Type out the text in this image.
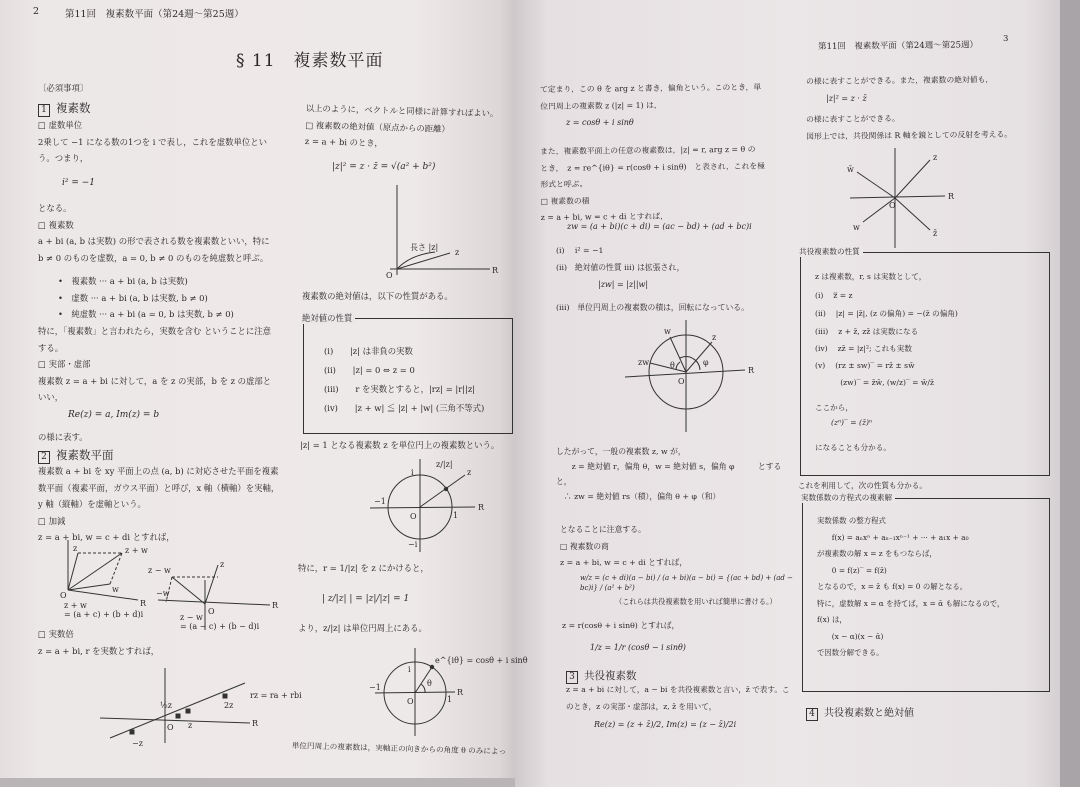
2	第11回　複素数平面（第24週〜第25週）
§ 11　複素数平面
〔必須事項〕
1 複素数
□ 虚数単位
2乗して −1 になる数の1つを i で表し，これを虚数単位とい
う。つまり，
i² = −1
となる。
□ 複素数
a + bi (a, b は実数) の形で表される数を複素数といい，特に
b ≠ 0 のものを虚数，a = 0, b ≠ 0 のものを純虚数と呼ぶ。
•　複素数 ··· a + bi (a, b は実数)
•　虚数 ··· a + bi (a, b は実数, b ≠ 0)
•　純虚数 ··· a + bi (a = 0, b は実数, b ≠ 0)
特に，「複素数」と言われたら，実数を含む ということに注意
する。
□ 実部・虚部
複素数 z = a + bi に対して，a を z の実部，b を z の虚部と
いい，
Re(z) = a, Im(z) = b
の様に表す。
2 複素数平面
複素数 a + bi を xy 平面上の点 (a, b) に対応させた平面を複素
数平面（複素平面，ガウス平面）と呼び，x 軸（横軸）を実軸，
y 軸（縦軸）を虚軸という。
□ 加減
z = a + bi, w = c + di とすれば，
O
R
z
w
z + w
z + w
= (a + c) + (b + d)i
z − w
z
−w
O
R
z − w
= (a − c) + (b − d)i
□ 実数倍
z = a + bi, r を実数とすれば，
½z
z
2z
rz = ra + rbi
−z
O	R
以上のように，ベクトルと同様に計算すればよい。
□ 複素数の絶対値（原点からの距離）
z = a + bi のとき，
|z|² = z · z̄ = √(a² + b²)
長さ |z|
z
O
R
複素数の絶対値は，以下の性質がある。
絶対値の性質
(i)　　|z| は非負の実数
(ii)　　|z| = 0 ⇔ z = 0
(iii)　　r を実数とすると，|rz| = |r||z|
(iv)　　|z + w| ≦ |z| + |w| (三角不等式)
|z| = 1 となる複素数 z を単位円上の複素数という。
i
−i
1
−1
z
z/|z|
O
R
特に，r = 1/|z| を z にかけると，
| z/|z| | = |z|/|z| = 1
より，z/|z| は単位円周上にある。
e^{iθ} = cosθ + i sinθ
θ
O
R
i
−1
1
単位円周上の複素数は，実軸正の向きからの角度 θ のみによっ
第11回　複素数平面（第24週〜第25週）
3
て定まり，この θ を arg z と書き，偏角という。このとき，単
位円周上の複素数 z (|z| = 1) は，
z = cosθ + i sinθ
また，複素数平面上の任意の複素数は，|z| = r, arg z = θ の
とき，　z = re^{iθ} = r(cosθ + i sinθ)　と表され，これを極
形式と呼ぶ。
□ 複素数の積
z = a + bi, w = c + di とすれば，
zw = (a + bi)(c + di) = (ac − bd) + (ad + bc)i
(i)　 i² = −1
(ii)　絶対値の性質 iii) は拡張され，
|zw| = |z||w|
(iii)　単位円周上の複素数の積は，回転になっている。
w
z
zw	θ	φ
O
R
したがって，一般の複素数 z, w が，
　　z = 絶対値 r，偏角 θ，w = 絶対値 s，偏角 φ　　　とする
と，
　∴ zw = 絶対値 rs（積），偏角 θ + φ（和）
となることに注意する。
□ 複素数の商
z = a + bi, w = c + di とすれば，
w/z = (c + di)(a − bi) / (a + bi)(a − bi) = {(ac + bd) + (ad − bc)i} / (a² + b²)
（これらは共役複素数を用いれば簡単に書ける。）
z = r(cosθ + i sinθ) とすれば，
1/z = 1/r (cosθ − i sinθ)
3 共役複素数
z = a + bi に対して，a − bi を共役複素数と言い，z̄ で表す。こ
のとき，z の実部・虚部は，z, z̄ を用いて，
Re(z) = (z + z̄)/2, Im(z) = (z − z̄)/2i
の様に表すことができる。また，複素数の絶対値も，
|z|² = z · z̄
の様に表すことができる。
図形上では，共役関係は R 軸を鏡としての反射を考える。
z
z̄
w̄
w
O
R
共役複素数の性質
z は複素数，r, s は実数として，
(i)　 z̿ = z
(ii)　 |z| = |z̄|, (z の偏角) = −(z̄ の偏角)
(iii)　 z + z̄, zz̄ は実数になる
(iv)　 zz̄ = |z|²; これも実数
(v)　 (rz ± sw)‾ = rz̄ ± sw̄
　　　 (zw)‾ = z̄w̄, (w/z)‾ = w̄/z̄
ここから，
(zⁿ)‾ = (z̄)ⁿ
になることも分かる。
これを利用して，次の性質も分かる。
実数係数の方程式の複素解
実数係数 の整方程式
　　f(x) = aₙxⁿ + aₙ₋₁xⁿ⁻¹ + ··· + a₁x + a₀
が複素数の解 x = z をもつならば，
　　0 = f(z)‾ = f(z̄)
となるので，x = z̄ も f(x) = 0 の解となる。
特に，虚数解 x = α を持てば，x = ᾱ も解になるので，
f(x) は，
　　(x − α)(x − ᾱ)
で因数分解できる。
4 共役複素数と絶対値
